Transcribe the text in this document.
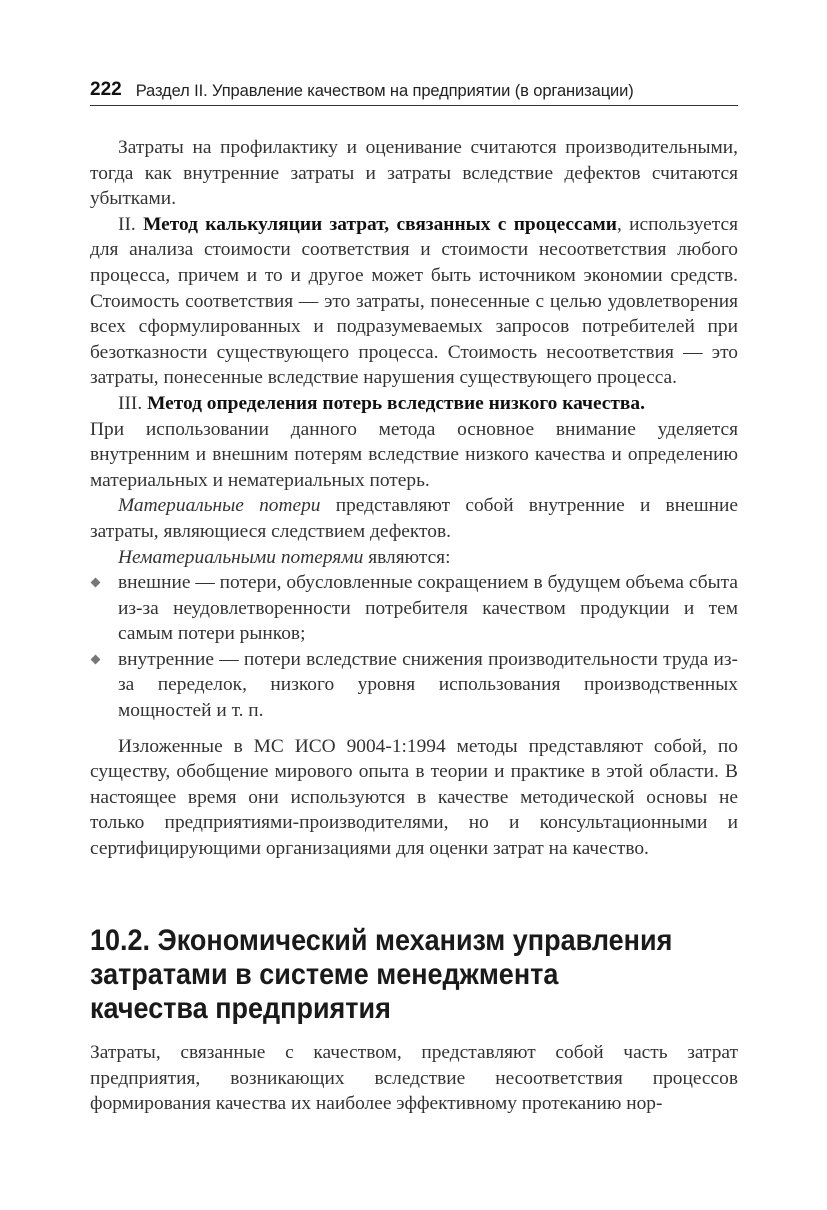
222 Раздел II. Управление качеством на предприятии (в организации)

Затраты на профилактику и оценивание считаются производительными, тогда как внутренние затраты и затраты вследствие дефектов считаются убытками.

II. Метод калькуляции затрат, связанных с процессами, используется для анализа стоимости соответствия и стоимости несоответствия любого процесса, причем и то и другое может быть источником экономии средств. Стоимость соответствия — это затраты, понесенные с целью удовлетворения всех сформулированных и подразумеваемых запросов потребителей при безотказности существующего процесса. Стоимость несоответствия — это затраты, понесенные вследствие нарушения существующего процесса.

III. Метод определения потерь вследствие низкого качества.

При использовании данного метода основное внимание уделяется внутренним и внешним потерям вследствие низкого качества и определению материальных и нематериальных потерь.

Материальные потери представляют собой внутренние и внешние затраты, являющиеся следствием дефектов.

Нематериальными потерями являются:

внешние — потери, обусловленные сокращением в будущем объема сбыта из-за неудовлетворенности потребителя качеством продукции и тем самым потери рынков;
внутренние — потери вследствие снижения производительности труда из-за переделок, низкого уровня использования производственных мощностей и т. п.

Изложенные в МС ИСО 9004-1:1994 методы представляют собой, по существу, обобщение мирового опыта в теории и практике в этой области. В настоящее время они используются в качестве методической основы не только предприятиями-производителями, но и консультационными и сертифицирующими организациями для оценки затрат на качество.

10.2. Экономический механизм управления
затратами в системе менеджмента
качества предприятия

Затраты, связанные с качеством, представляют собой часть затрат предприятия, возникающих вследствие несоответствия процессов формирования качества их наиболее эффективному протеканию нор-
